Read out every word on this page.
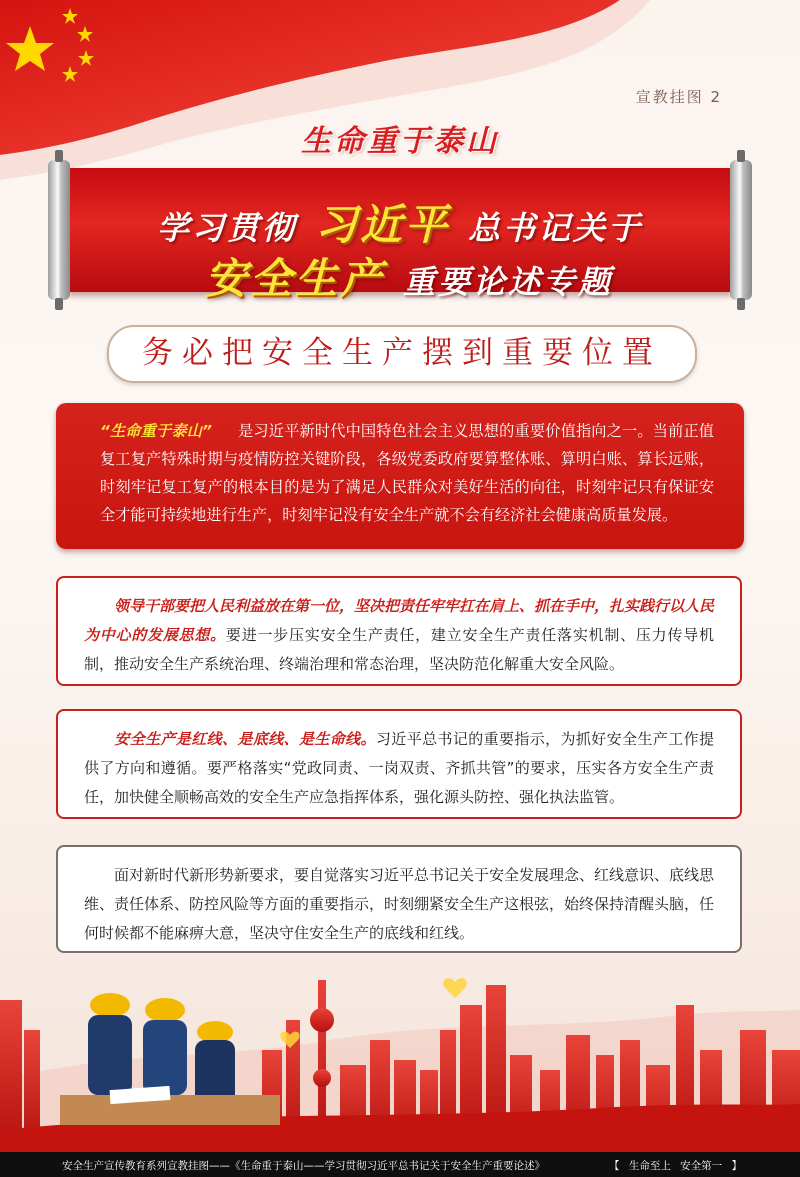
宣教挂图 2
生命重于泰山
学习贯彻 习近平 总书记关于
安全生产 重要论述专题
务必把安全生产摆到重要位置
“生命重于泰山” 是习近平新时代中国特色社会主义思想的重要价值指向之一。当前正值复工复产特殊时期与疫情防控关键阶段，各级党委政府要算整体账、算明白账、算长远账，时刻牢记复工复产的根本目的是为了满足人民群众对美好生活的向往，时刻牢记只有保证安全才能可持续地进行生产，时刻牢记没有安全生产就不会有经济社会健康高质量发展。
领导干部要把人民利益放在第一位，坚决把责任牢牢扛在肩上、抓在手中，扎实践行以人民为中心的发展思想。要进一步压实安全生产责任，建立安全生产责任落实机制、压力传导机制，推动安全生产系统治理、终端治理和常态治理，坚决防范化解重大安全风险。
安全生产是红线、是底线、是生命线。习近平总书记的重要指示，为抓好安全生产工作提供了方向和遵循。要严格落实“党政同责、一岗双责、齐抓共管”的要求，压实各方安全生产责任，加快健全顺畅高效的安全生产应急指挥体系，强化源头防控、强化执法监管。
面对新时代新形势新要求，要自觉落实习近平总书记关于安全发展理念、红线意识、底线思维、责任体系、防控风险等方面的重要指示，时刻绷紧安全生产这根弦，始终保持清醒头脑，任何时候都不能麻痹大意，坚决守住安全生产的底线和红线。
安全生产宣传教育系列宣教挂图——《生命重于泰山——学习贯彻习近平总书记关于安全生产重要论述》	【 生命至上 安全第一 】
